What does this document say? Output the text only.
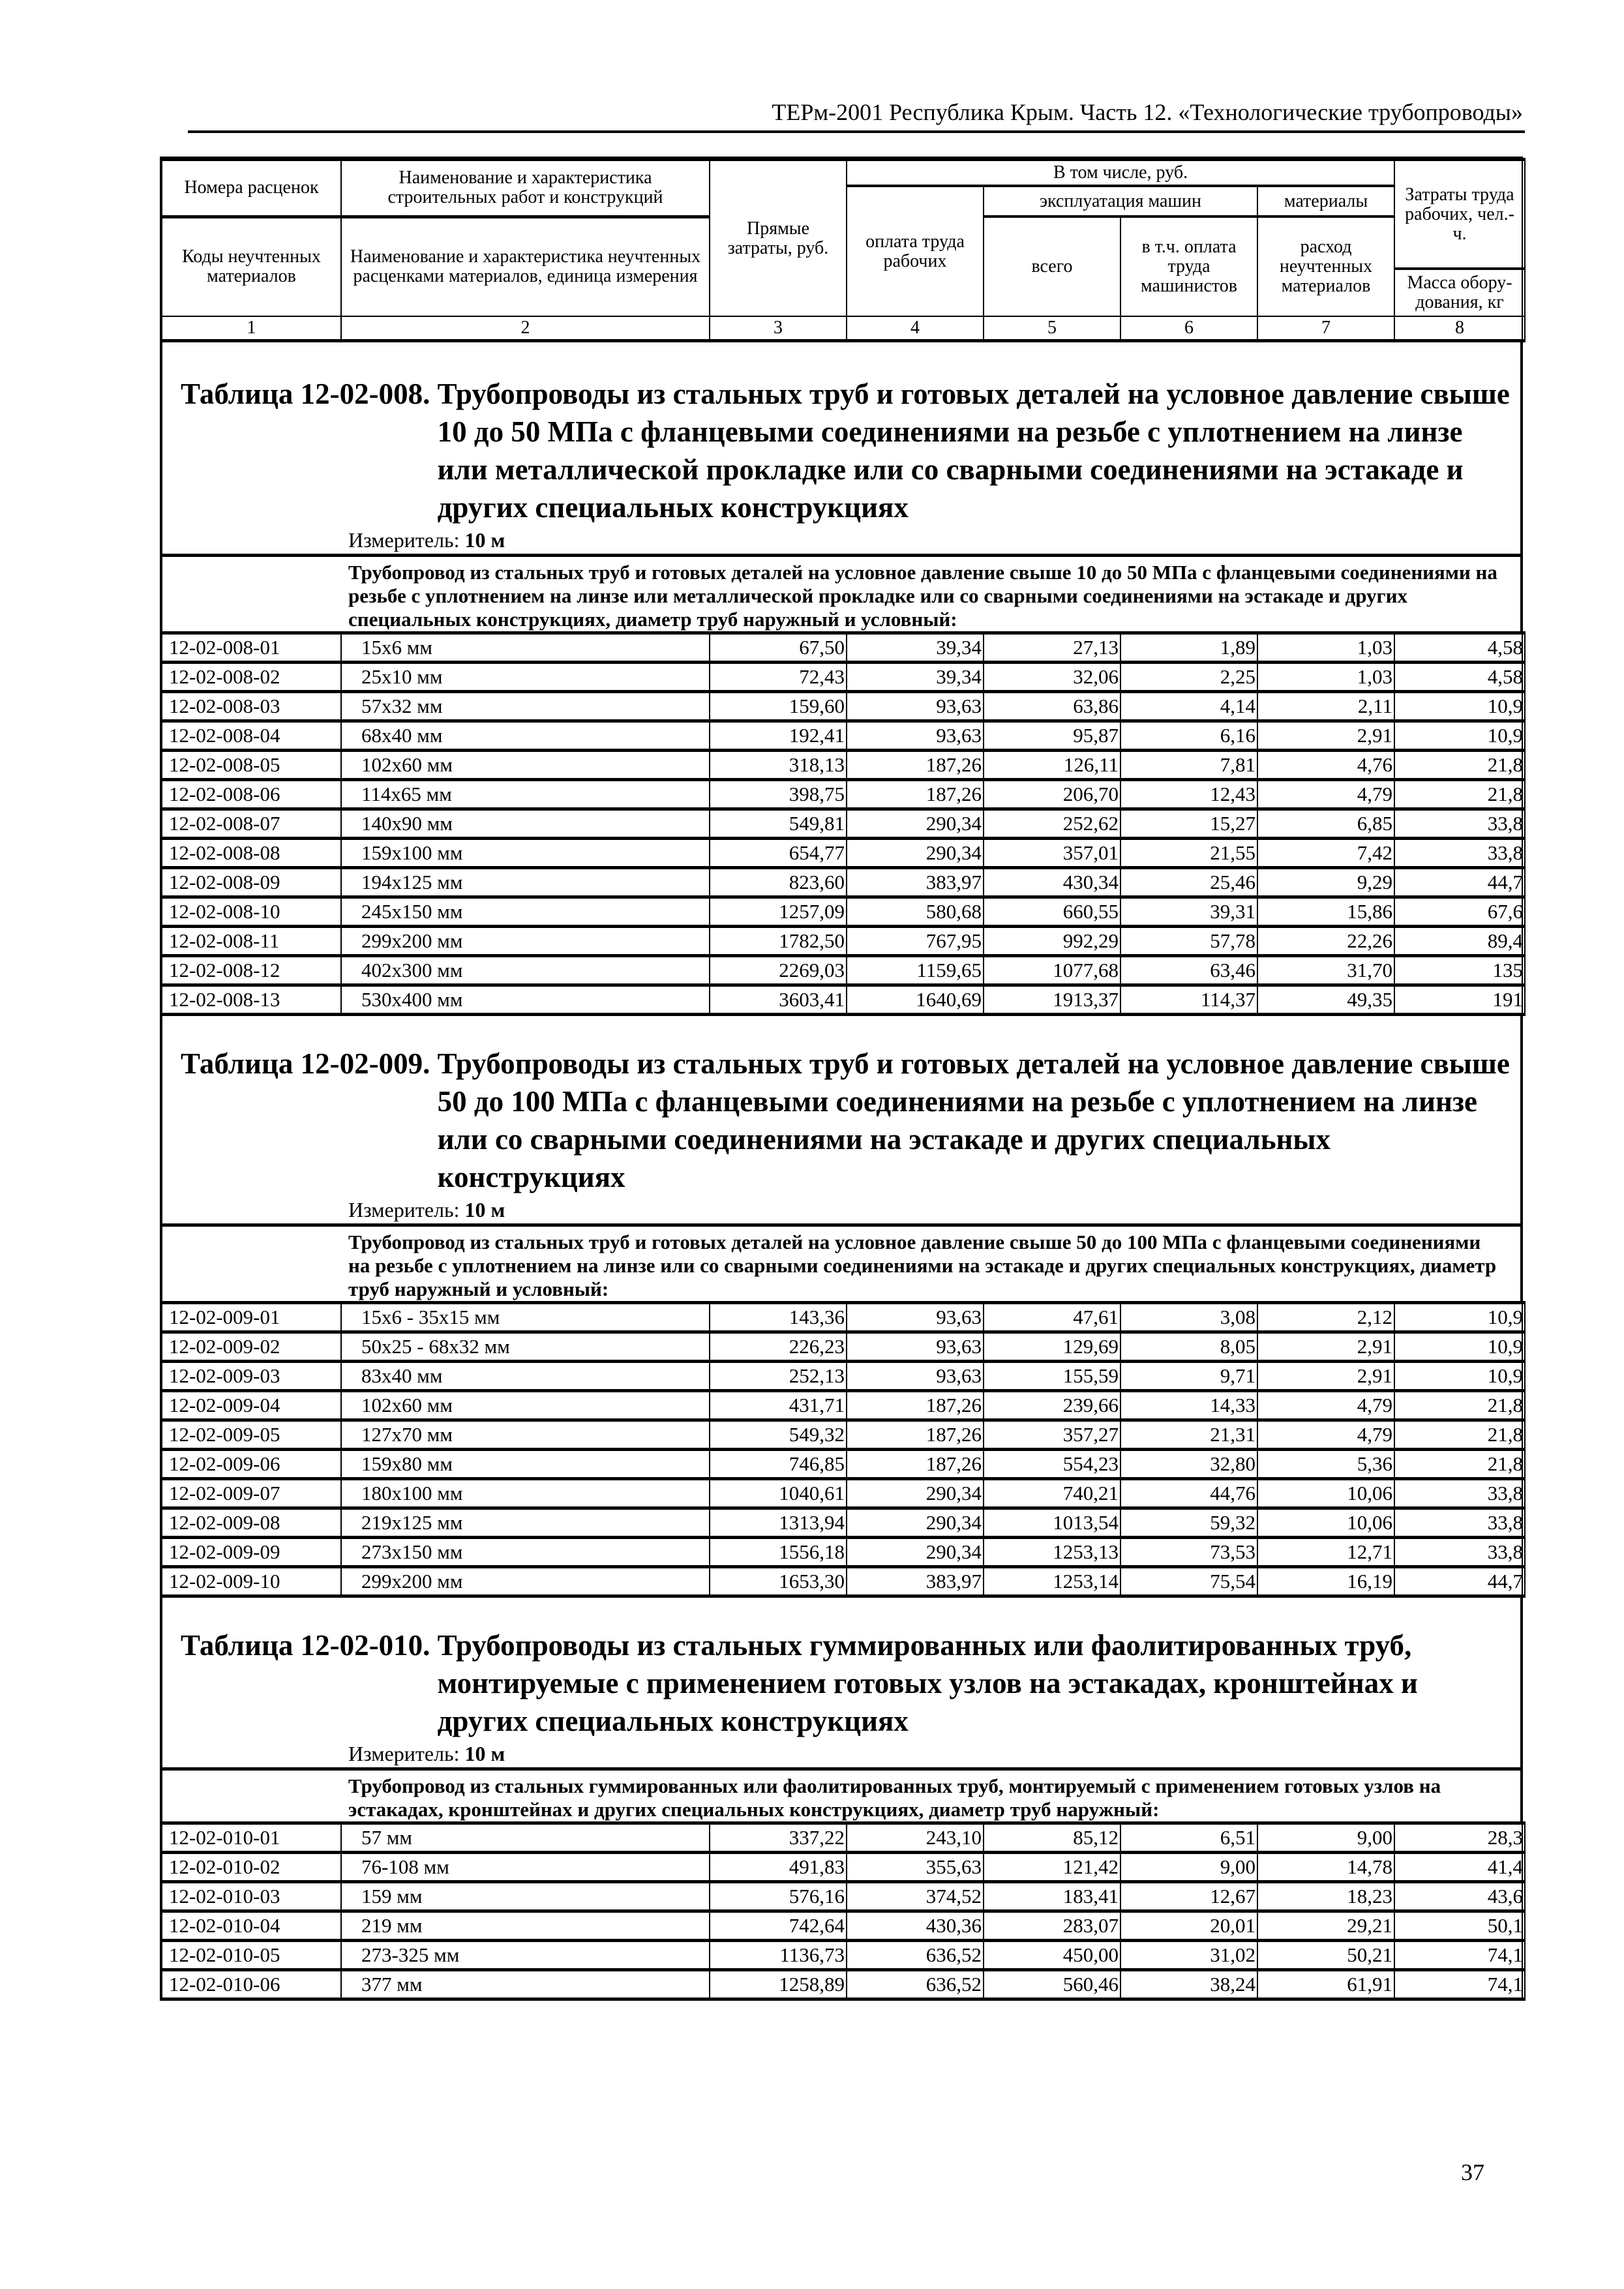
ТЕРм-2001 Республика Крым. Часть 12. «Технологические трубопроводы»
Номера расценок	Наименование и характеристика строительных работ и конструкций	Прямые затраты, руб.	В том числе, руб.				Затраты труда рабочих, чел.-ч.
			оплата труда рабочих	эксплуатация машин		материалы	
Коды неучтенных материалов	Наименование и характеристика неучтенных расценками материалов, единица измерения			всего	в т.ч. оплата труда машинистов	расход неучтенных материалов	
							Масса обору-дования, кг
1	2	3	4	5	6	7	8
Таблица 12-02-008.
Трубопроводы из стальных труб и готовых деталей на условное давление свыше 10 до 50 МПа с фланцевыми соединениями на резьбе с уплотнением на линзе или металлической прокладке или со сварными соединениями на эстакаде и других специальных конструкциях
Измеритель: 10 м
Трубопровод из стальных труб и готовых деталей на условное давление свыше 10 до 50 МПа с фланцевыми соединениями на резьбе с уплотнением на линзе или металлической прокладке или со сварными соединениями на эстакаде и других специальных конструкциях, диаметр труб наружный и условный:
12-02-008-01	15х6 мм	67,50	39,34	27,13	1,89	1,03	4,58
12-02-008-02	25х10 мм	72,43	39,34	32,06	2,25	1,03	4,58
12-02-008-03	57х32 мм	159,60	93,63	63,86	4,14	2,11	10,9
12-02-008-04	68х40 мм	192,41	93,63	95,87	6,16	2,91	10,9
12-02-008-05	102х60 мм	318,13	187,26	126,11	7,81	4,76	21,8
12-02-008-06	114х65 мм	398,75	187,26	206,70	12,43	4,79	21,8
12-02-008-07	140х90 мм	549,81	290,34	252,62	15,27	6,85	33,8
12-02-008-08	159х100 мм	654,77	290,34	357,01	21,55	7,42	33,8
12-02-008-09	194х125 мм	823,60	383,97	430,34	25,46	9,29	44,7
12-02-008-10	245х150 мм	1257,09	580,68	660,55	39,31	15,86	67,6
12-02-008-11	299х200 мм	1782,50	767,95	992,29	57,78	22,26	89,4
12-02-008-12	402х300 мм	2269,03	1159,65	1077,68	63,46	31,70	135
12-02-008-13	530х400 мм	3603,41	1640,69	1913,37	114,37	49,35	191
Таблица 12-02-009.
Трубопроводы из стальных труб и готовых деталей на условное давление свыше 50 до 100 МПа с фланцевыми соединениями на резьбе с уплотнением на линзе или со сварными соединениями на эстакаде и других специальных конструкциях
Измеритель: 10 м
Трубопровод из стальных труб и готовых деталей на условное давление свыше 50 до 100 МПа с фланцевыми соединениями на резьбе с уплотнением на линзе или со сварными соединениями на эстакаде и других специальных конструкциях, диаметр труб наружный и условный:
12-02-009-01	15х6 - 35х15 мм	143,36	93,63	47,61	3,08	2,12	10,9
12-02-009-02	50х25 - 68х32 мм	226,23	93,63	129,69	8,05	2,91	10,9
12-02-009-03	83х40 мм	252,13	93,63	155,59	9,71	2,91	10,9
12-02-009-04	102х60 мм	431,71	187,26	239,66	14,33	4,79	21,8
12-02-009-05	127х70 мм	549,32	187,26	357,27	21,31	4,79	21,8
12-02-009-06	159х80 мм	746,85	187,26	554,23	32,80	5,36	21,8
12-02-009-07	180х100 мм	1040,61	290,34	740,21	44,76	10,06	33,8
12-02-009-08	219х125 мм	1313,94	290,34	1013,54	59,32	10,06	33,8
12-02-009-09	273х150 мм	1556,18	290,34	1253,13	73,53	12,71	33,8
12-02-009-10	299х200 мм	1653,30	383,97	1253,14	75,54	16,19	44,7
Таблица 12-02-010.
Трубопроводы из стальных гуммированных или фаолитированных труб, монтируемые с применением готовых узлов на эстакадах, кронштейнах и других специальных конструкциях
Измеритель: 10 м
Трубопровод из стальных гуммированных или фаолитированных труб, монтируемый с применением готовых узлов на эстакадах, кронштейнах и других специальных конструкциях, диаметр труб наружный:
12-02-010-01	57 мм	337,22	243,10	85,12	6,51	9,00	28,3
12-02-010-02	76-108 мм	491,83	355,63	121,42	9,00	14,78	41,4
12-02-010-03	159 мм	576,16	374,52	183,41	12,67	18,23	43,6
12-02-010-04	219 мм	742,64	430,36	283,07	20,01	29,21	50,1
12-02-010-05	273-325 мм	1136,73	636,52	450,00	31,02	50,21	74,1
12-02-010-06	377 мм	1258,89	636,52	560,46	38,24	61,91	74,1
37
